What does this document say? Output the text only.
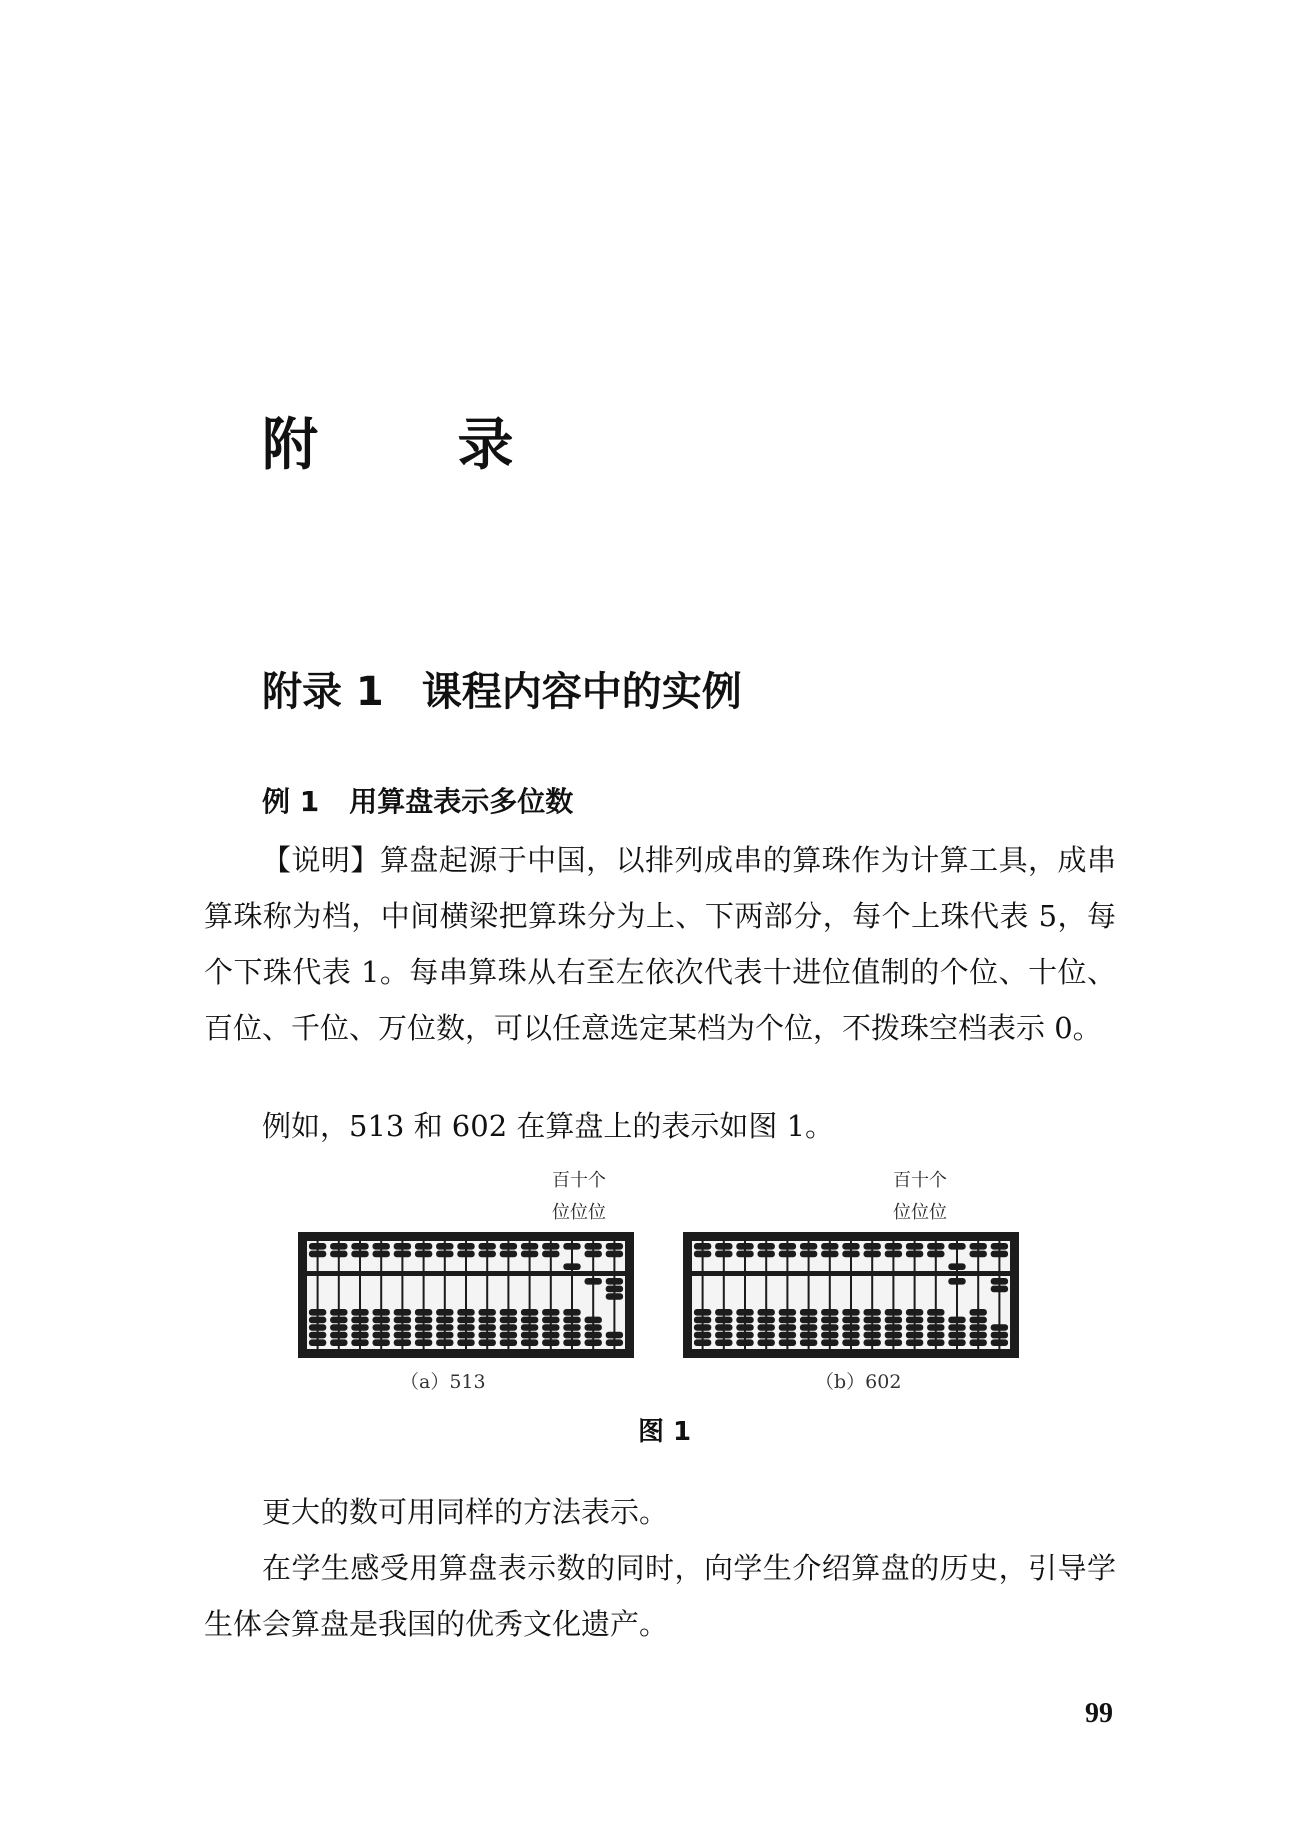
附 录
附录 1 课程内容中的实例
例 1 用算盘表示多位数

【说明】算盘起源于中国，以排列成串的算珠作为计算工具，成串算珠称为档，中间横梁把算珠分为上、下两部分，每个上珠代表 5，每个下珠代表 1。每串算珠从右至左依次代表十进位值制的个位、十位、百位、千位、万位数，可以任意选定某档为个位，不拨珠空档表示 0。

例如，513 和 602 在算盘上的表示如图 1。

百十个
位位位
（a）513
百十个
位位位
（b）602
图 1

更大的数可用同样的方法表示。

在学生感受用算盘表示数的同时，向学生介绍算盘的历史，引导学生体会算盘是我国的优秀文化遗产。

99
